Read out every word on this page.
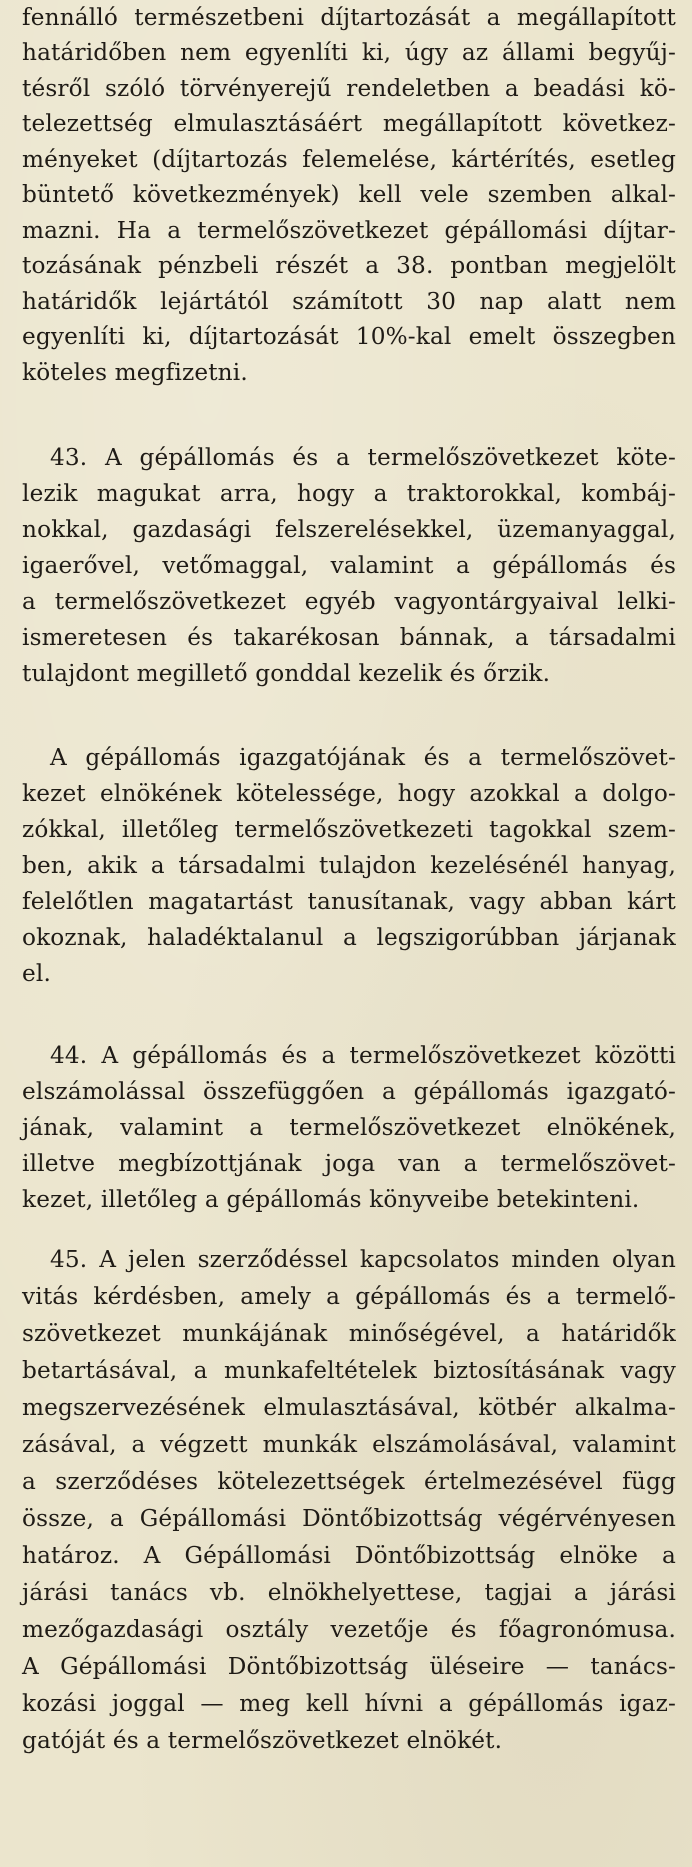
fennálló természetbeni díjtartozását a megállapított
határidőben nem egyenlíti ki, úgy az állami begyűj-
tésről szóló törvényerejű rendeletben a beadási kö-
telezettség elmulasztásáért megállapított következ-
ményeket (díjtartozás felemelése, kártérítés, esetleg
büntető következmények) kell vele szemben alkal-
mazni. Ha a termelőszövetkezet gépállomási díjtar-
tozásának pénzbeli részét a 38. pontban megjelölt
határidők lejártától számított 30 nap alatt nem
egyenlíti ki, díjtartozását 10%-kal emelt összegben
köteles megfizetni.
43. A gépállomás és a termelőszövetkezet köte-
lezik magukat arra, hogy a traktorokkal, kombáj-
nokkal, gazdasági felszerelésekkel, üzemanyaggal,
igaerővel, vetőmaggal, valamint a gépállomás és
a termelőszövetkezet egyéb vagyontárgyaival lelki-
ismeretesen és takarékosan bánnak, a társadalmi
tulajdont megillető gonddal kezelik és őrzik.
A gépállomás igazgatójának és a termelőszövet-
kezet elnökének kötelessége, hogy azokkal a dolgo-
zókkal, illetőleg termelőszövetkezeti tagokkal szem-
ben, akik a társadalmi tulajdon kezelésénél hanyag,
felelőtlen magatartást tanusítanak, vagy abban kárt
okoznak, haladéktalanul a legszigorúbban járjanak
el.
44. A gépállomás és a termelőszövetkezet közötti
elszámolással összefüggően a gépállomás igazgató-
jának, valamint a termelőszövetkezet elnökének,
illetve megbízottjának joga van a termelőszövet-
kezet, illetőleg a gépállomás könyveibe betekinteni.
45. A jelen szerződéssel kapcsolatos minden olyan
vitás kérdésben, amely a gépállomás és a termelő-
szövetkezet munkájának minőségével, a határidők
betartásával, a munkafeltételek biztosításának vagy
megszervezésének elmulasztásával, kötbér alkalma-
zásával, a végzett munkák elszámolásával, valamint
a szerződéses kötelezettségek értelmezésével függ
össze, a Gépállomási Döntőbizottság végérvényesen
határoz. A Gépállomási Döntőbizottság elnöke a
járási tanács vb. elnökhelyettese, tagjai a járási
mezőgazdasági osztály vezetője és főagronómusa.
A Gépállomási Döntőbizottság üléseire — tanács-
kozási joggal — meg kell hívni a gépállomás igaz-
gatóját és a termelőszövetkezet elnökét.
